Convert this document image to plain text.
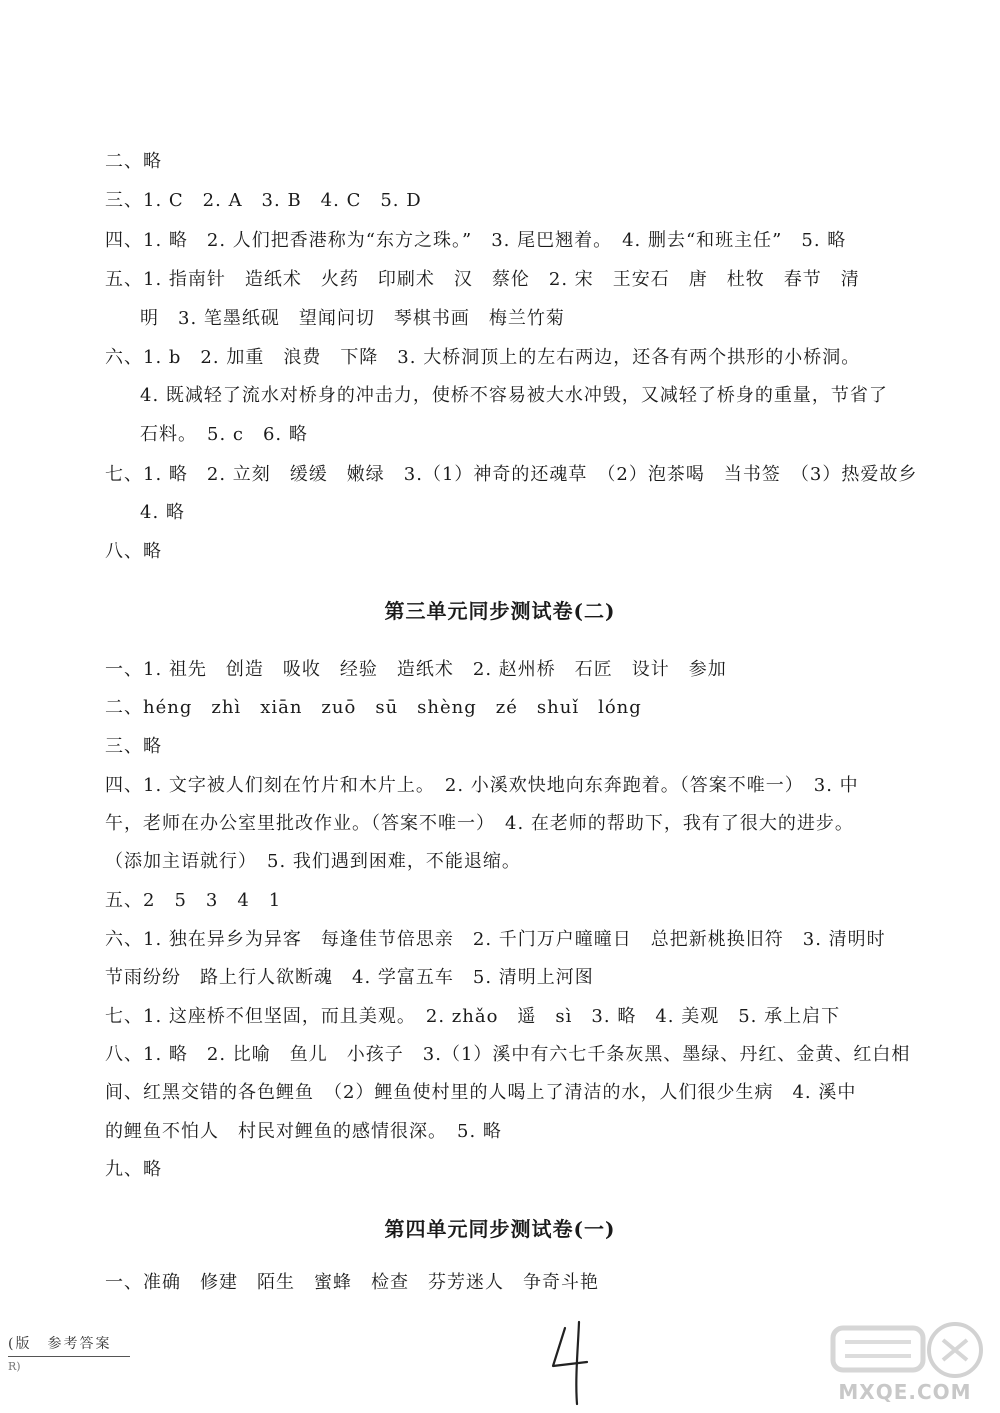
二、略
三、1. C　2. A　3. B　4. C　5. D
四、1. 略　2. 人们把香港称为“东方之珠。”　3. 尾巴翘着。　4. 删去“和班主任”　5. 略
五、1. 指南针　造纸术　火药　印刷术　汉　蔡伦　2. 宋　王安石　唐　杜牧　春节　清
明　3. 笔墨纸砚　望闻问切　琴棋书画　梅兰竹菊
六、1. b　2. 加重　浪费　下降　3. 大桥洞顶上的左右两边，还各有两个拱形的小桥洞。
4. 既减轻了流水对桥身的冲击力，使桥不容易被大水冲毁，又减轻了桥身的重量，节省了
石料。　5. c　6. 略
七、1. 略　2. 立刻　缓缓　嫩绿　3.（1）神奇的还魂草　（2）泡茶喝　当书签　（3）热爱故乡
4. 略
八、略
第三单元同步测试卷(二)
一、1. 祖先　创造　吸收　经验　造纸术　2. 赵州桥　石匠　设计　参加
二、héng　zhì　xiān　zuō　sū　shèng　zé　shuǐ　lóng
三、略
四、1. 文字被人们刻在竹片和木片上。　2. 小溪欢快地向东奔跑着。（答案不唯一）　3. 中
午，老师在办公室里批改作业。（答案不唯一）　4. 在老师的帮助下，我有了很大的进步。
（添加主语就行）　5. 我们遇到困难，不能退缩。
五、2　5　3　4　1
六、1. 独在异乡为异客　每逢佳节倍思亲　2. 千门万户曈曈日　总把新桃换旧符　3. 清明时
节雨纷纷　路上行人欲断魂　4. 学富五车　5. 清明上河图
七、1. 这座桥不但坚固，而且美观。　2. zhǎo　遥　sì　3. 略　4. 美观　5. 承上启下
八、1. 略　2. 比喻　鱼儿　小孩子　3.（1）溪中有六七千条灰黑、墨绿、丹红、金黄、红白相
间、红黑交错的各色鲤鱼　（2）鲤鱼使村里的人喝上了清洁的水，人们很少生病　4. 溪中
的鲤鱼不怕人　村民对鲤鱼的感情很深。　5. 略
九、略
第四单元同步测试卷(一)
一、准确　修建　陌生　蜜蜂　检查　芬芳迷人　争奇斗艳
(版　参考答案
R)
MXQE.COM
